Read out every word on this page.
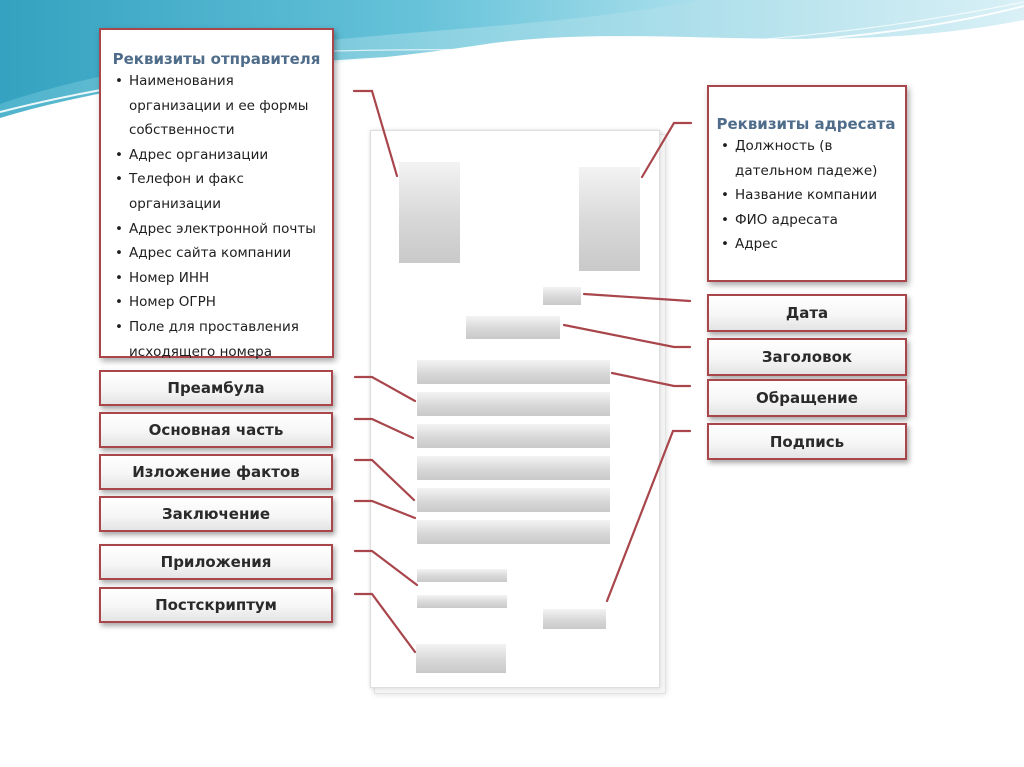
Реквизиты отправителя
• Наименования организации и ее формы собственности
• Адрес организации
• Телефон и факс организации
• Адрес электронной почты
• Адрес сайта компании
• Номер ИНН
• Номер ОГРН
• Поле для проставления исходящего номера
Реквизиты адресата
• Должность (в дательном падеже)
• Название компании
• ФИО адресата
• Адрес
Преамбула
Основная часть
Изложение фактов
Заключение
Приложения
Постскриптум
Дата
Заголовок
Обращение
Подпись
